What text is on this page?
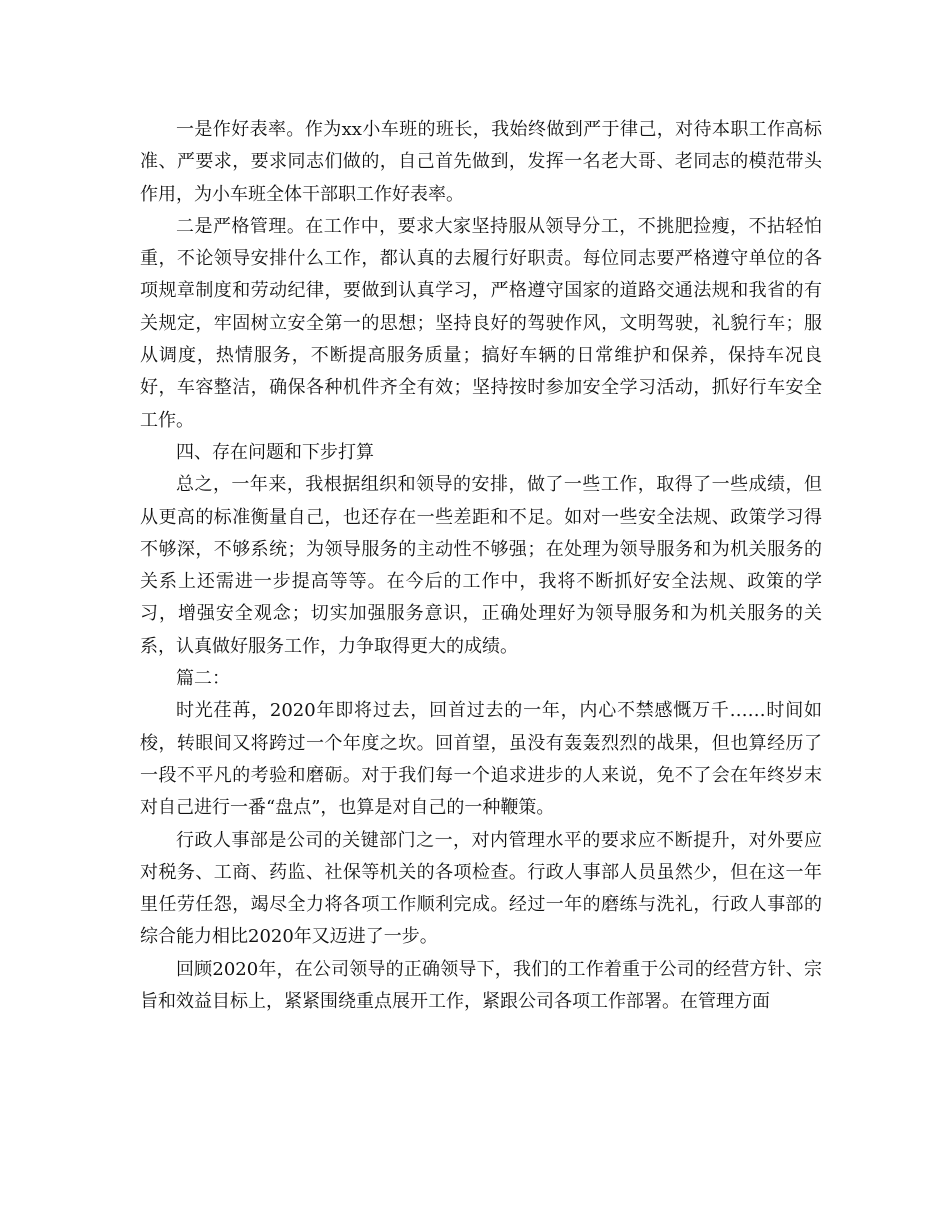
一是作好表率。作为xx小车班的班长，我始终做到严于律己，对待本职工作高标准、严要求，要求同志们做的，自己首先做到，发挥一名老大哥、老同志的模范带头作用，为小车班全体干部职工作好表率。

二是严格管理。在工作中，要求大家坚持服从领导分工，不挑肥捡瘦，不拈轻怕重，不论领导安排什么工作，都认真的去履行好职责。每位同志要严格遵守单位的各项规章制度和劳动纪律，要做到认真学习，严格遵守国家的道路交通法规和我省的有关规定，牢固树立安全第一的思想；坚持良好的驾驶作风，文明驾驶，礼貌行车；服从调度，热情服务，不断提高服务质量；搞好车辆的日常维护和保养，保持车况良好，车容整洁，确保各种机件齐全有效；坚持按时参加安全学习活动，抓好行车安全工作。

四、存在问题和下步打算

总之，一年来，我根据组织和领导的安排，做了一些工作，取得了一些成绩，但从更高的标准衡量自己，也还存在一些差距和不足。如对一些安全法规、政策学习得不够深，不够系统；为领导服务的主动性不够强；在处理为领导服务和为机关服务的关系上还需进一步提高等等。在今后的工作中，我将不断抓好安全法规、政策的学习，增强安全观念；切实加强服务意识，正确处理好为领导服务和为机关服务的关系，认真做好服务工作，力争取得更大的成绩。

篇二：

时光荏苒，2020年即将过去，回首过去的一年，内心不禁感慨万千……时间如梭，转眼间又将跨过一个年度之坎。回首望，虽没有轰轰烈烈的战果，但也算经历了一段不平凡的考验和磨砺。对于我们每一个追求进步的人来说，免不了会在年终岁末对自己进行一番“盘点”，也算是对自己的一种鞭策。

行政人事部是公司的关键部门之一，对内管理水平的要求应不断提升，对外要应对税务、工商、药监、社保等机关的各项检查。行政人事部人员虽然少，但在这一年里任劳任怨，竭尽全力将各项工作顺利完成。经过一年的磨练与洗礼，行政人事部的综合能力相比2020年又迈进了一步。

回顾2020年，在公司领导的正确领导下，我们的工作着重于公司的经营方针、宗旨和效益目标上，紧紧围绕重点展开工作，紧跟公司各项工作部署。在管理方面
